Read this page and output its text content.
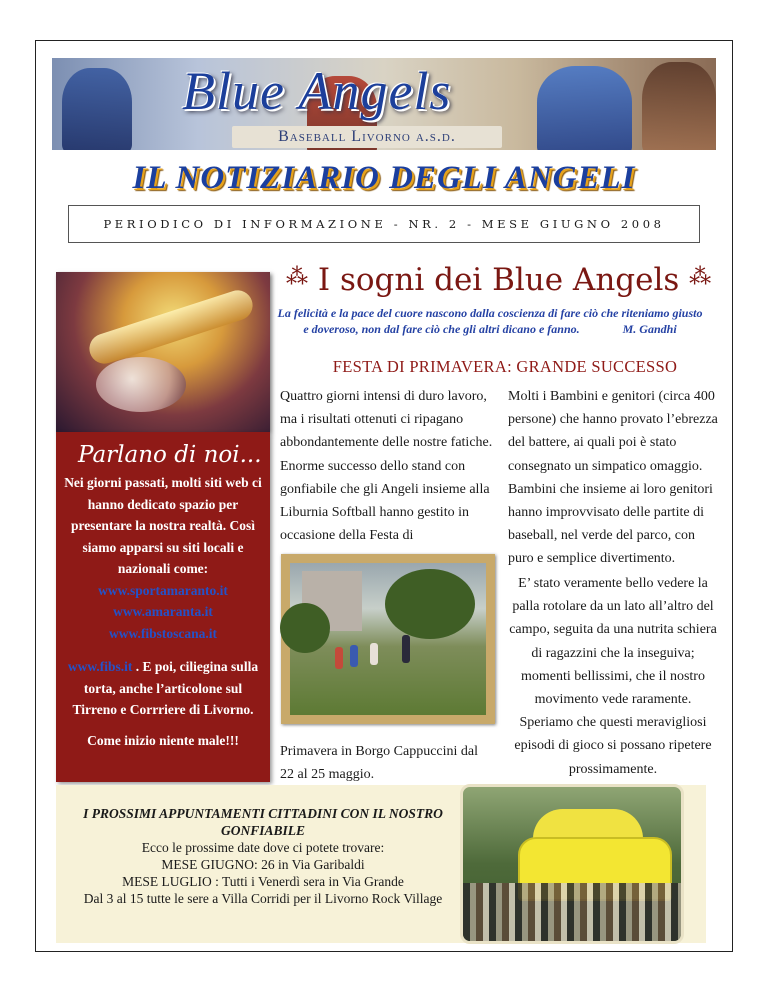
Blue Angels
Baseball Livorno a.s.d.
IL NOTIZIARIO DEGLI ANGELI
PERIODICO DI INFORMAZIONE - NR. 2 - MESE GIUGNO 2008
Parlano di noi...
Nei giorni passati, molti siti web ci hanno dedicato spazio per presentare la nostra realtà. Così siamo apparsi su siti locali e nazionali come:
www.sportamaranto.it
www.amaranta.it
www.fibstoscana.it
www.fibs.it . E poi, ciliegina sulla torta, anche l’articolone sul Tirreno e Corrriere di Livorno.
Come inizio niente male!!!
⁂ I sogni dei Blue Angels ⁂
La felicità e la pace del cuore nascono dalla coscienza di fare ciò che riteniamo giusto e doveroso, non dal fare ciò che gli altri dicano e fanno.	M. Gandhi
FESTA DI PRIMAVERA: GRANDE SUCCESSO
Quattro giorni intensi di duro lavoro, ma i risultati ottenuti ci ripagano abbondantemente delle nostre fatiche. Enorme successo dello stand con gonfiabile che gli Angeli insieme alla Liburnia Softball hanno gestito in occasione della Festa di
Molti i Bambini e genitori (circa 400 persone) che hanno provato l’ebrezza del battere, ai quali poi è stato consegnato un simpatico omaggio. Bambini che insieme ai loro genitori hanno improvvisato delle partite di baseball, nel verde del parco, con puro e semplice divertimento.
E’ stato veramente bello vedere la palla rotolare da un lato all’altro del campo, seguita da una nutrita schiera di ragazzini che la inseguiva; momenti bellissimi, che il nostro movimento vede raramente. Speriamo che questi meravigliosi episodi di gioco si possano ripetere prossimamente.
Primavera in Borgo Cappuccini dal 22 al 25 maggio.
I PROSSIMI APPUNTAMENTI CITTADINI CON IL NOSTRO GONFIABILE
Ecco le prossime date dove ci potete trovare:
MESE GIUGNO: 26 in Via Garibaldi
MESE LUGLIO : Tutti i Venerdì sera in Via Grande
Dal 3 al 15 tutte le sere a Villa Corridi per il Livorno Rock Village
